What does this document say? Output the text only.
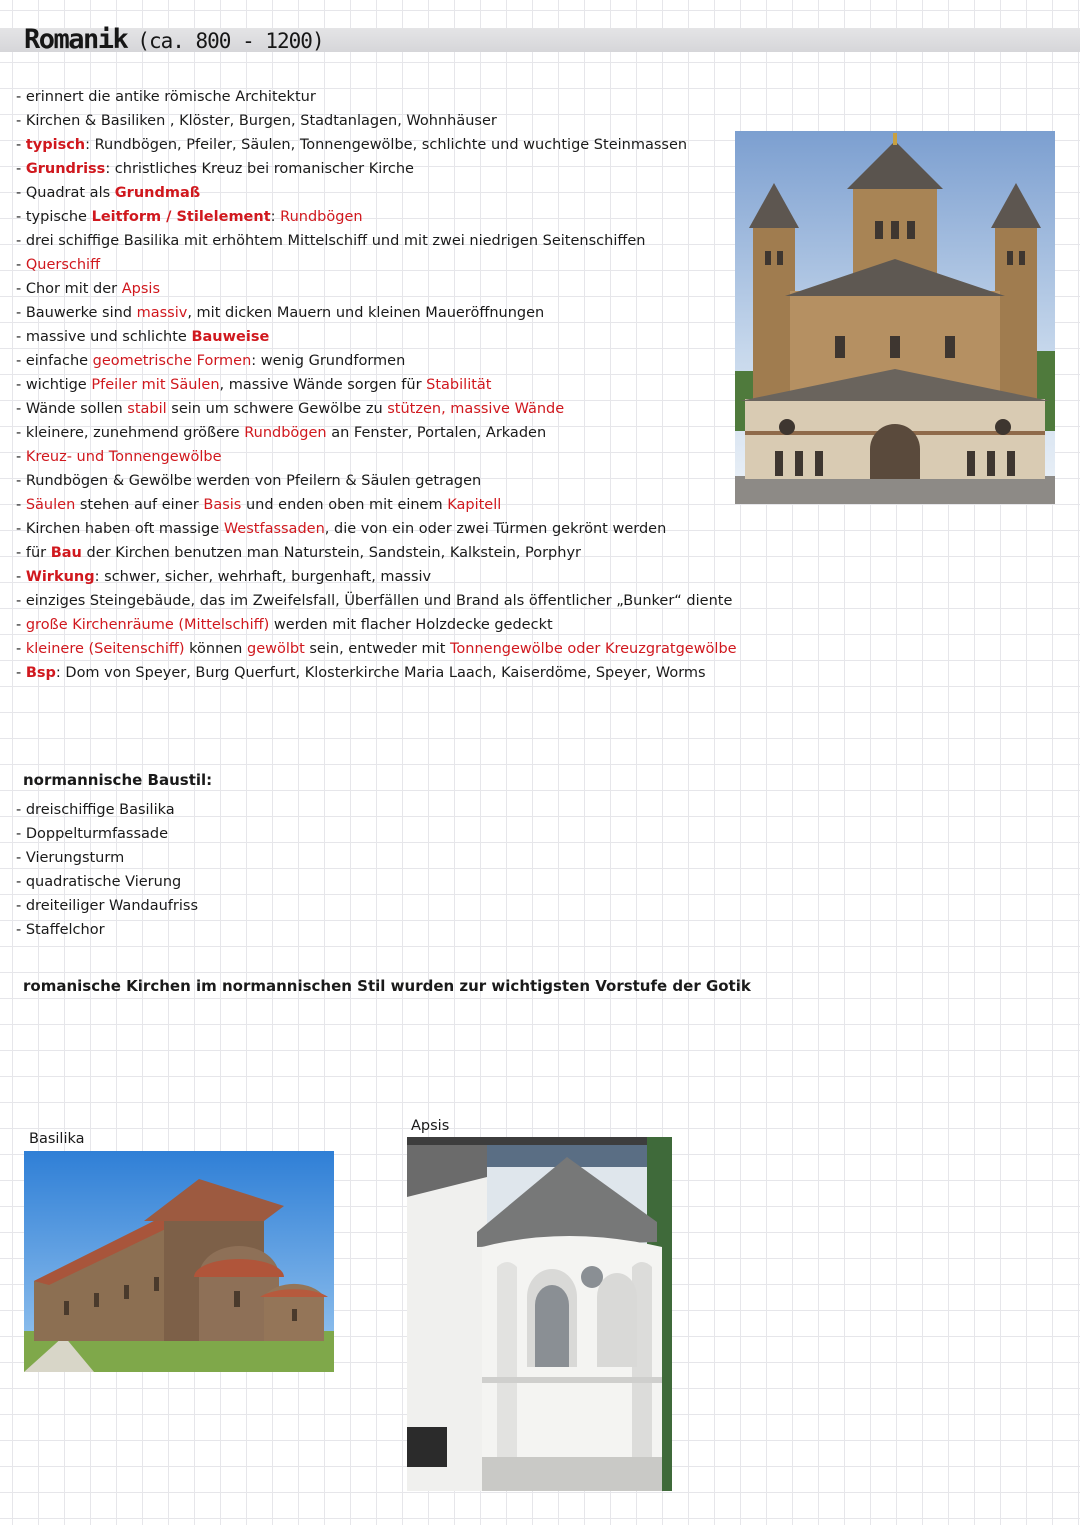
Romanik (ca. 800 - 1200)
- erinnert die antike römische Architektur
- Kirchen & Basiliken , Klöster, Burgen, Stadtanlagen, Wohnhäuser
- typisch: Rundbögen, Pfeiler, Säulen, Tonnengewölbe, schlichte und wuchtige Steinmassen
- Grundriss: christliches Kreuz bei romanischer Kirche
- Quadrat als Grundmaß
- typische Leitform / Stilelement: Rundbögen
- drei schiffige Basilika mit erhöhtem Mittelschiff und mit zwei niedrigen Seitenschiffen
- Querschiff
- Chor mit der Apsis
- Bauwerke sind massiv, mit dicken Mauern und kleinen Maueröffnungen
- massive und schlichte Bauweise
- einfache geometrische Formen: wenig Grundformen
- wichtige Pfeiler mit Säulen, massive Wände sorgen für Stabilität
- Wände sollen stabil sein um schwere Gewölbe zu stützen, massive Wände
- kleinere, zunehmend größere Rundbögen an Fenster, Portalen, Arkaden
- Kreuz- und Tonnengewölbe
- Rundbögen & Gewölbe werden von Pfeilern & Säulen getragen
- Säulen stehen auf einer Basis und enden oben mit einem Kapitell
- Kirchen haben oft massige Westfassaden, die von ein oder zwei Türmen gekrönt werden
- für Bau der Kirchen benutzen man Naturstein, Sandstein, Kalkstein, Porphyr
- Wirkung: schwer, sicher, wehrhaft, burgenhaft, massiv
- einziges Steingebäude, das im Zweifelsfall, Überfällen und Brand als öffentlicher „Bunker“ diente
- große Kirchenräume (Mittelschiff) werden mit flacher Holzdecke gedeckt
- kleinere (Seitenschiff) können gewölbt sein, entweder mit Tonnengewölbe oder Kreuzgratgewölbe
- Bsp: Dom von Speyer, Burg Querfurt, Klosterkirche Maria Laach, Kaiserdöme, Speyer, Worms

normannische Baustil:

- dreischiffige Basilika
- Doppelturmfassade
- Vierungsturm
- quadratische Vierung
- dreiteiliger Wandaufriss
- Staffelchor

romanische Kirchen im normannischen Stil wurden zur wichtigsten Vorstufe der Gotik

Basilika

Apsis
